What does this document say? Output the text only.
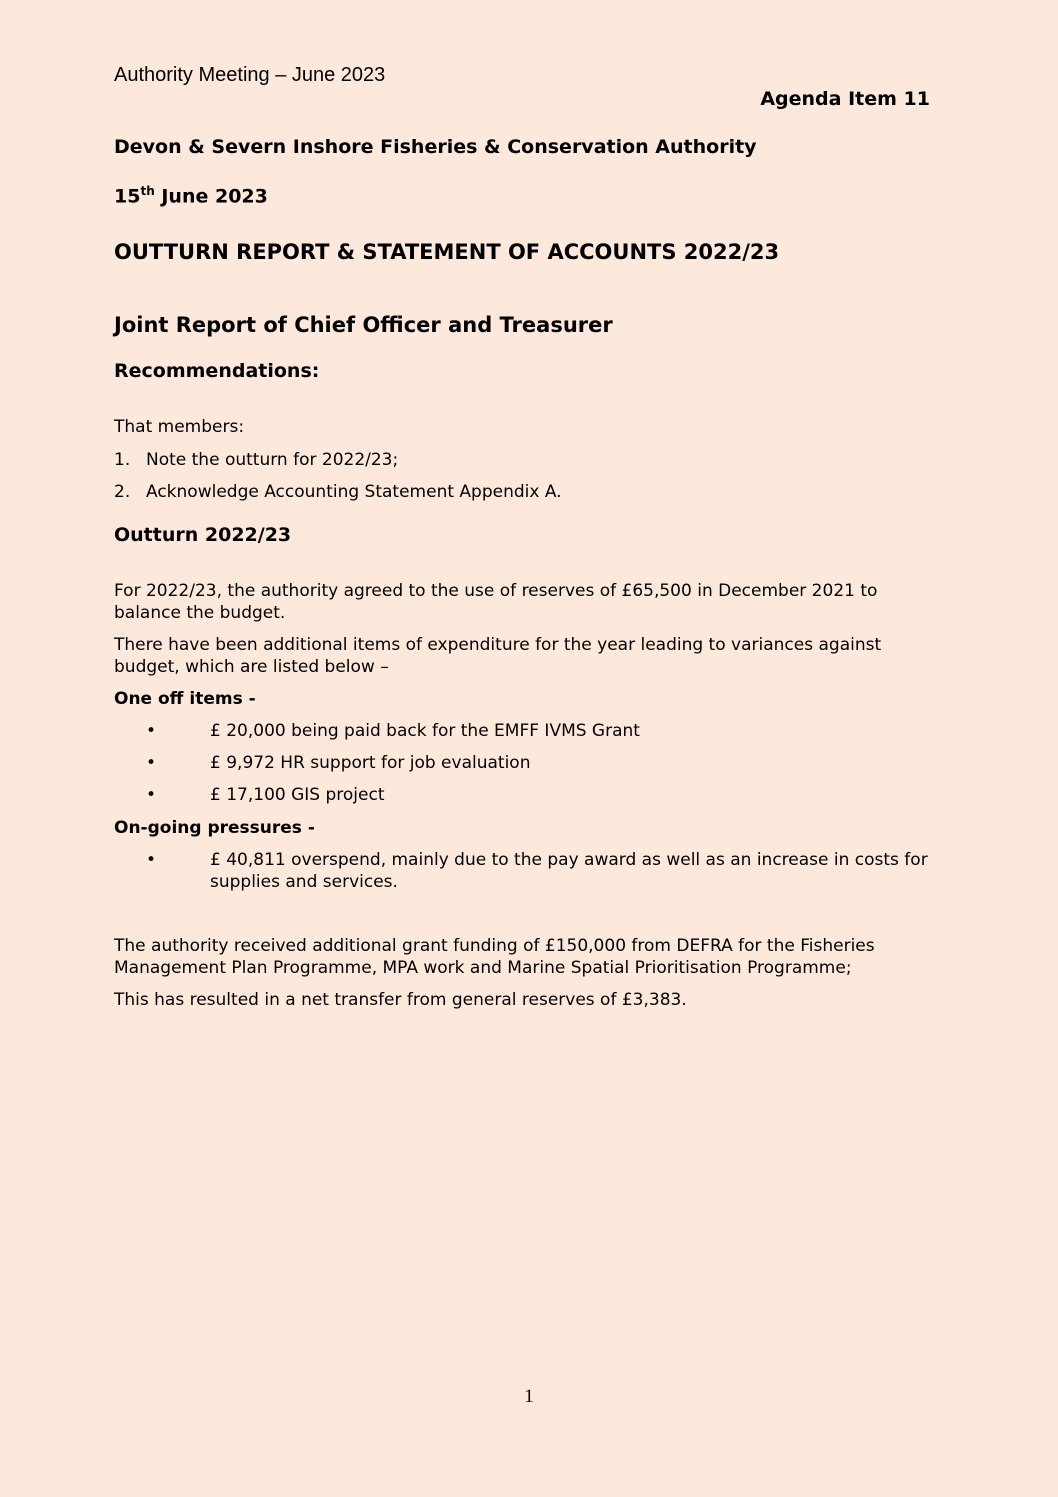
Authority Meeting – June 2023
Agenda Item 11
Devon & Severn Inshore Fisheries & Conservation Authority
15th June 2023
OUTTURN REPORT & STATEMENT OF ACCOUNTS 2022/23
Joint Report of Chief Officer and Treasurer
Recommendations:
That members:
1. Note the outturn for 2022/23;
2. Acknowledge Accounting Statement Appendix A.
Outturn 2022/23
For 2022/23, the authority agreed to the use of reserves of £65,500 in December 2021 to balance the budget.
There have been additional items of expenditure for the year leading to variances against budget, which are listed below –
One off items -
•	£ 20,000 being paid back for the EMFF IVMS Grant
•	£ 9,972 HR support for job evaluation
•	£ 17,100 GIS project
On-going pressures -
•	£ 40,811 overspend, mainly due to the pay award as well as an increase in costs for supplies and services.
The authority received additional grant funding of £150,000 from DEFRA for the Fisheries Management Plan Programme, MPA work and Marine Spatial Prioritisation Programme;
This has resulted in a net transfer from general reserves of £3,383.
1
